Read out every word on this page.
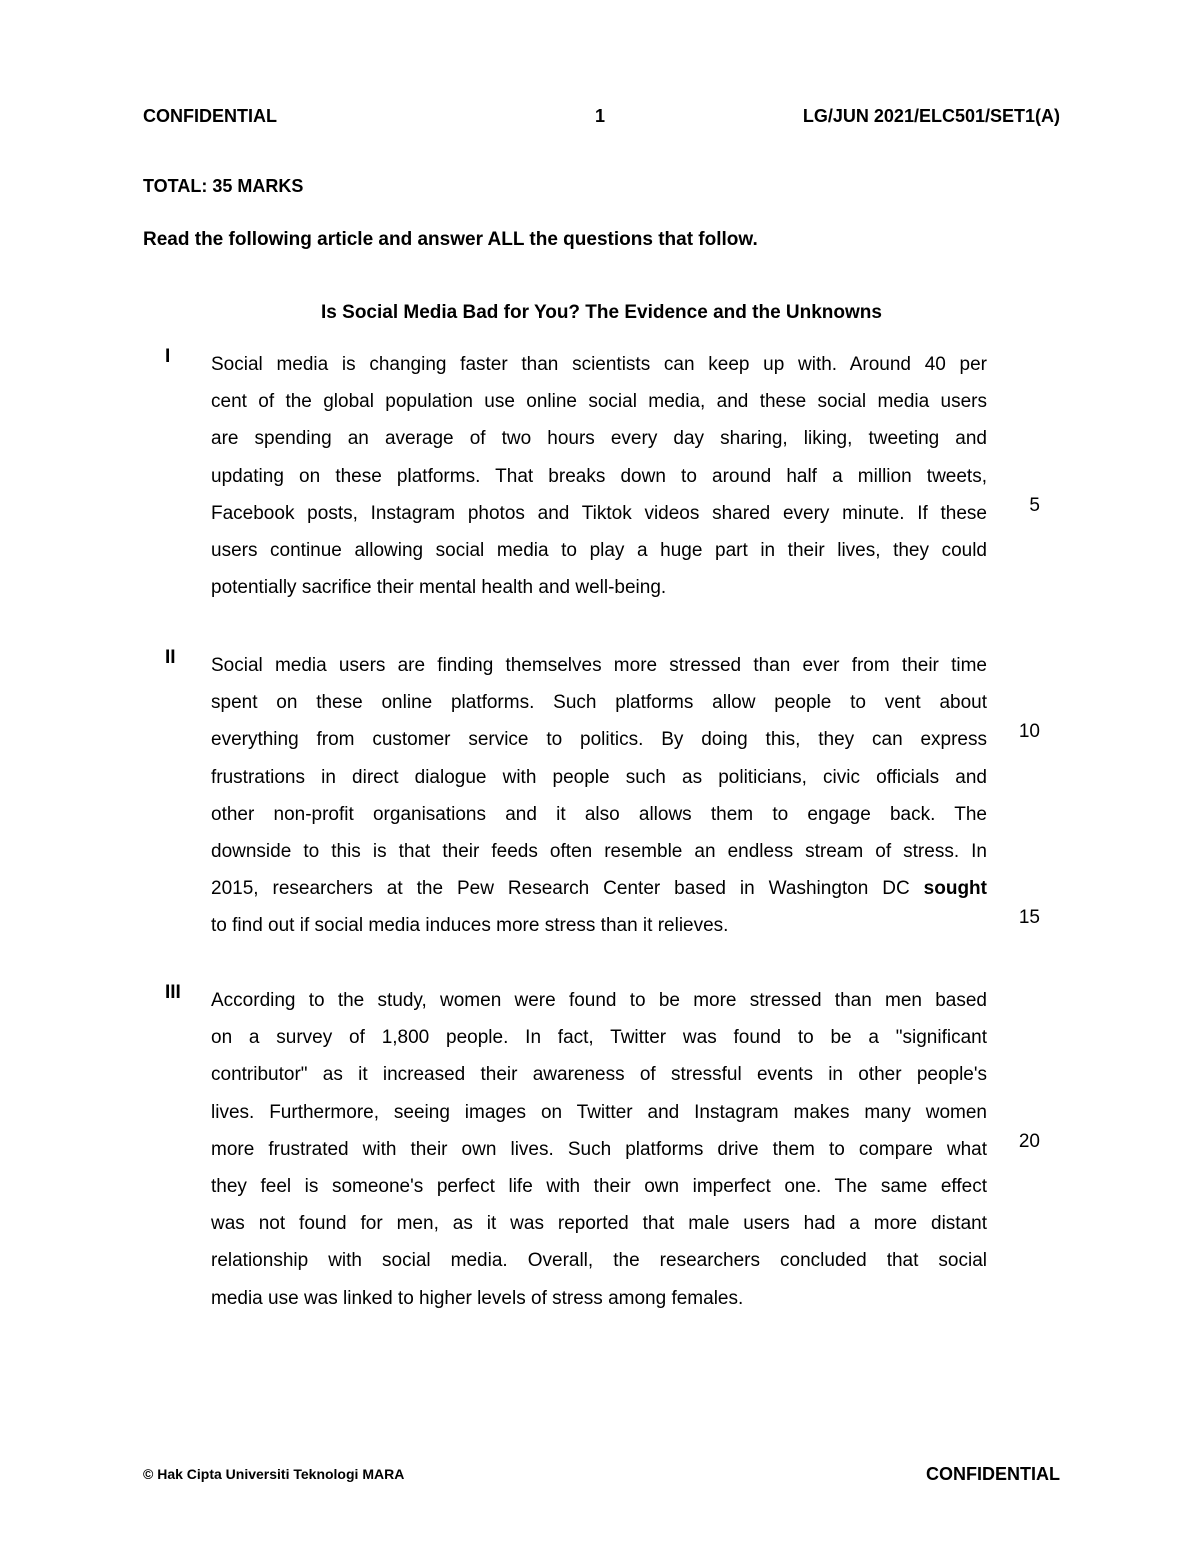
CONFIDENTIAL	1	LG/JUN 2021/ELC501/SET1(A)
TOTAL: 35 MARKS
Read the following article and answer ALL the questions that follow.
Is Social Media Bad for You? The Evidence and the Unknowns
I Social media is changing faster than scientists can keep up with. Around 40 per
cent of the global population use online social media, and these social media users
are spending an average of two hours every day sharing, liking, tweeting and
updating on these platforms. That breaks down to around half a million tweets,
Facebook posts, Instagram photos and Tiktok videos shared every minute. If these
users continue allowing social media to play a huge part in their lives, they could
potentially sacrifice their mental health and well-being.
5
II Social media users are finding themselves more stressed than ever from their time
spent on these online platforms. Such platforms allow people to vent about
everything from customer service to politics. By doing this, they can express
frustrations in direct dialogue with people such as politicians, civic officials and
other non-profit organisations and it also allows them to engage back. The
downside to this is that their feeds often resemble an endless stream of stress. In
2015, researchers at the Pew Research Center based in Washington DC sought
to find out if social media induces more stress than it relieves.
10
15
III According to the study, women were found to be more stressed than men based
on a survey of 1,800 people. In fact, Twitter was found to be a "significant
contributor" as it increased their awareness of stressful events in other people's
lives. Furthermore, seeing images on Twitter and Instagram makes many women
more frustrated with their own lives. Such platforms drive them to compare what
they feel is someone's perfect life with their own imperfect one. The same effect
was not found for men, as it was reported that male users had a more distant
relationship with social media. Overall, the researchers concluded that social
media use was linked to higher levels of stress among females.
20
© Hak Cipta Universiti Teknologi MARA	CONFIDENTIAL
